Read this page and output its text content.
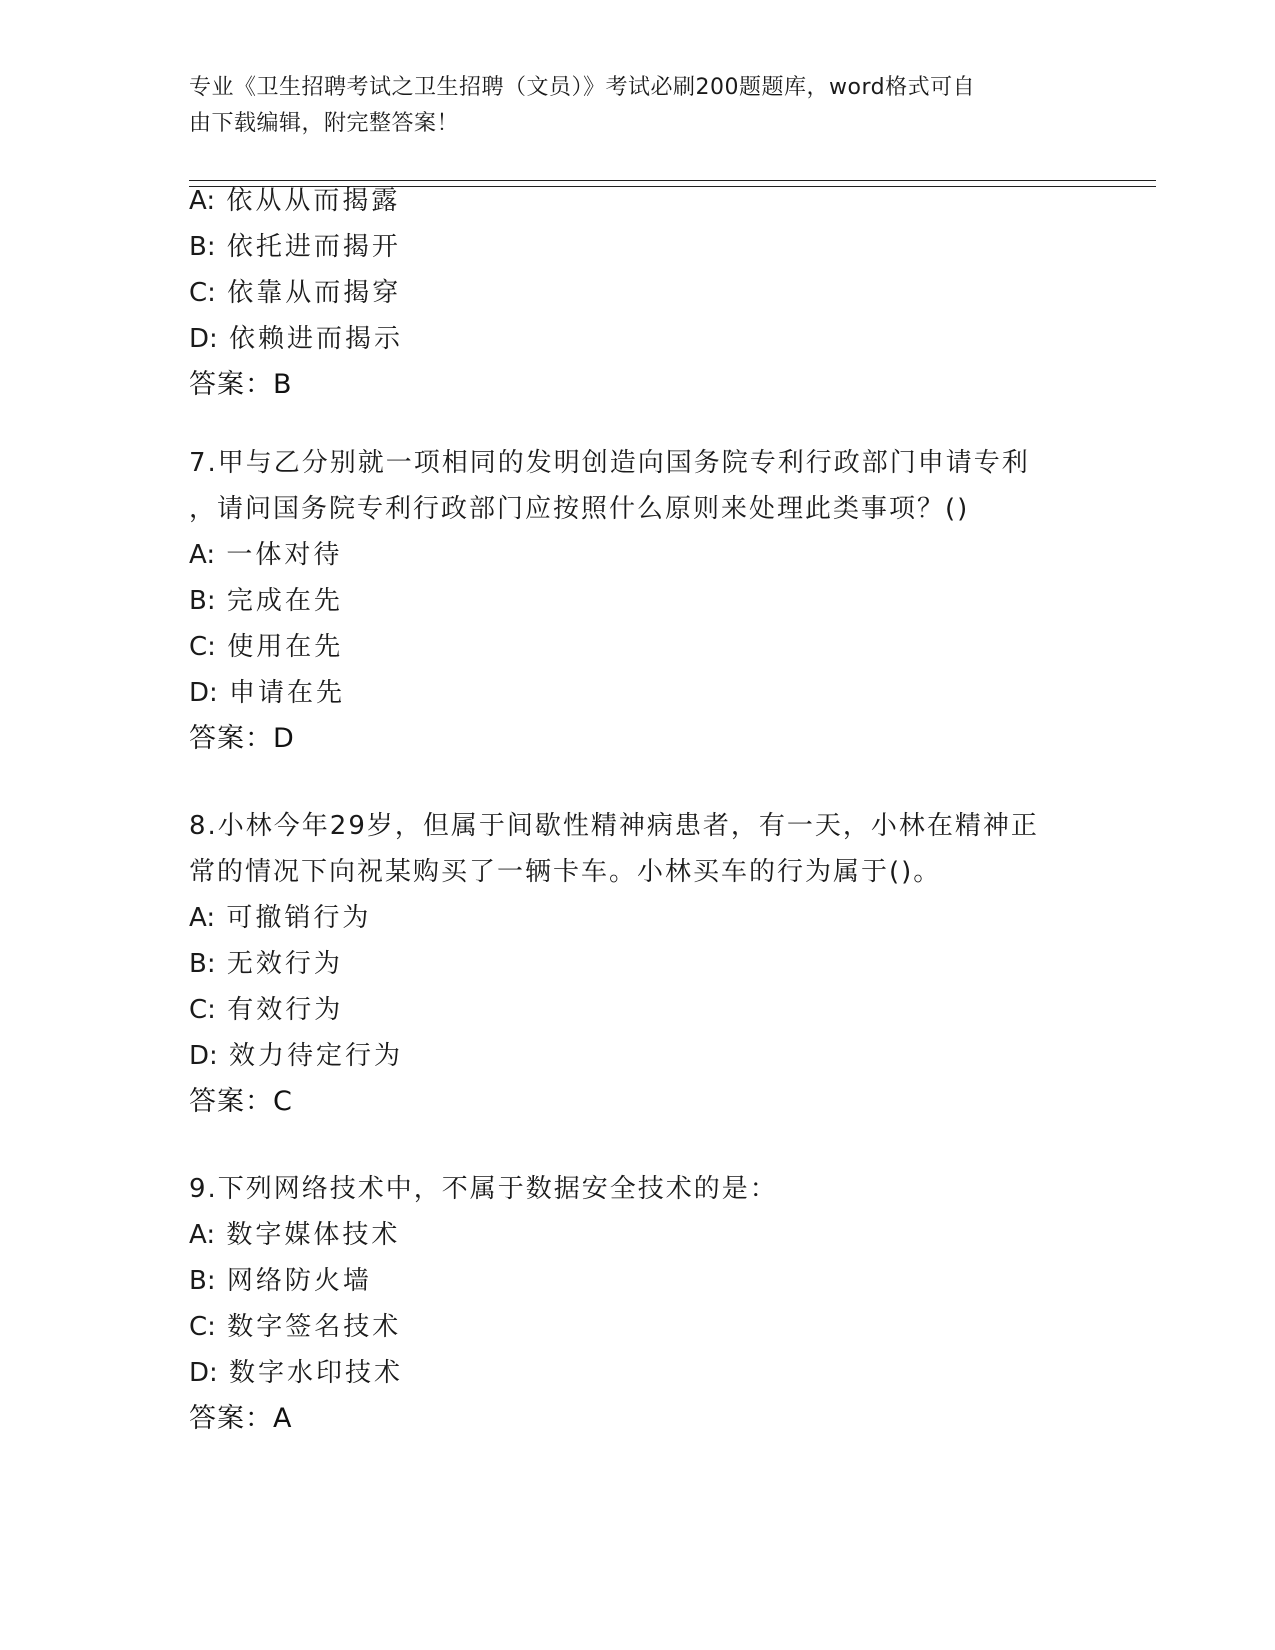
专业《卫生招聘考试之卫生招聘（文员）》考试必刷200题题库，word格式可自
由下载编辑，附完整答案！
A: 依从从而揭露
B: 依托进而揭开
C: 依靠从而揭穿
D: 依赖进而揭示
答案：B
7.甲与乙分别就一项相同的发明创造向国务院专利行政部门申请专利
，请问国务院专利行政部门应按照什么原则来处理此类事项？()
A: 一体对待
B: 完成在先
C: 使用在先
D: 申请在先
答案：D
8.小林今年29岁，但属于间歇性精神病患者，有一天，小林在精神正
常的情况下向祝某购买了一辆卡车。小林买车的行为属于()。
A: 可撤销行为
B: 无效行为
C: 有效行为
D: 效力待定行为
答案：C
9.下列网络技术中，不属于数据安全技术的是：
A: 数字媒体技术
B: 网络防火墙
C: 数字签名技术
D: 数字水印技术
答案：A
